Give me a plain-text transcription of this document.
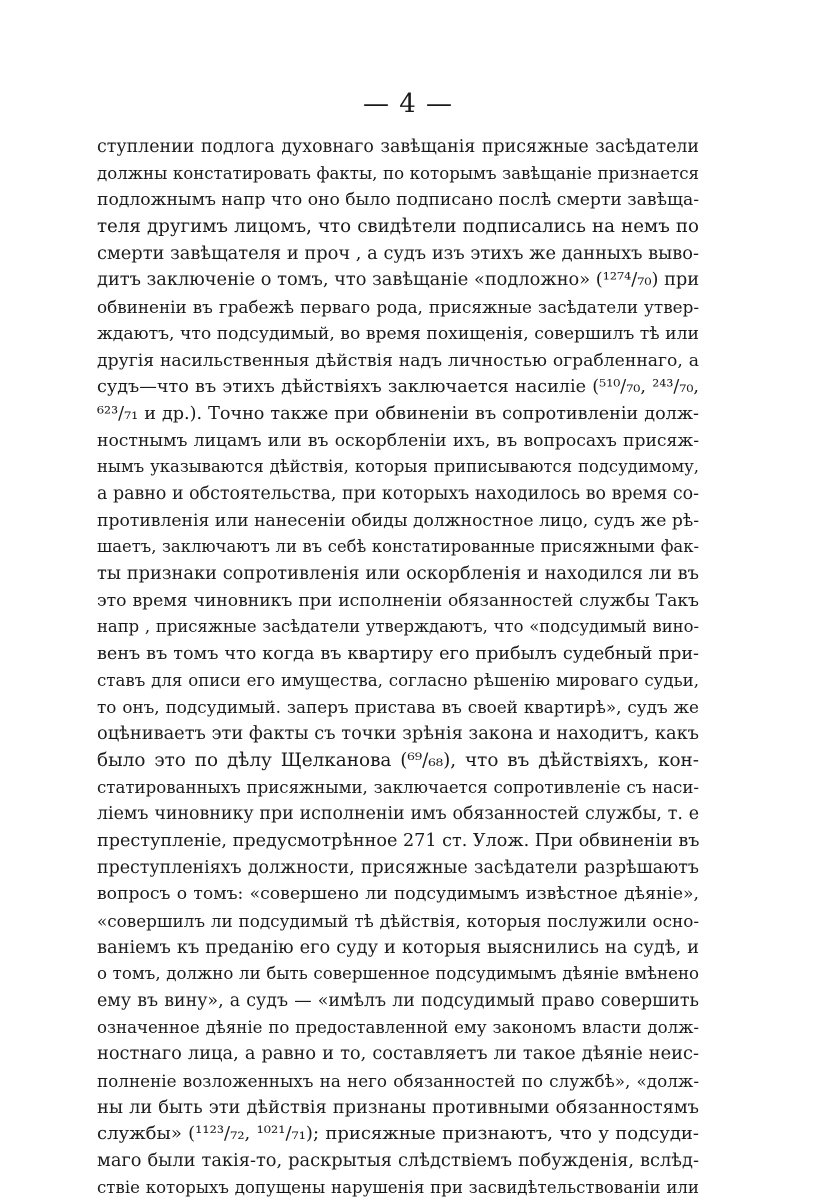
— 4 —
ступлении подлога духовнаго завѣщанія присяжные засѣдатели
должны констатировать факты, по которымъ завѣщаніе признается
подложнымъ напр что оно было подписано послѣ смерти завѣща-
теля другимъ лицомъ, что свидѣтели подписались на немъ по
смерти завѣщателя и проч , а судъ изъ этихъ же данныхъ выво-
дитъ заключеніе о томъ, что завѣщаніе «подложно» (¹²⁷⁴/₇₀) при
обвиненіи въ грабежѣ перваго рода, присяжные засѣдатели утвер-
ждаютъ, что подсудимый, во время похищенія, совершилъ тѣ или
другія насильственныя дѣйствія надъ личностью ограбленнаго, а
судъ—что въ этихъ дѣйствіяхъ заключается насиліе (⁵¹⁰/₇₀, ²⁴³/₇₀,
⁶²³/₇₁ и др.). Точно также при обвиненіи въ сопротивленіи долж-
ностнымъ лицамъ или въ оскорбленіи ихъ, въ вопросахъ присяж-
нымъ указываются дѣйствія, которыя приписываются подсудимому,
а равно и обстоятельства, при которыхъ находилось во время со-
противленія или нанесеніи обиды должностное лицо, судъ же рѣ-
шаетъ, заключаютъ ли въ себѣ констатированные присяжными фак-
ты признаки сопротивленія или оскорбленія и находился ли въ
это время чиновникъ при исполненіи обязанностей службы Такъ
напр , присяжные засѣдатели утверждаютъ, что «подсудимый вино-
венъ въ томъ что когда въ квартиру его прибылъ судебный при-
ставъ для описи его имущества, согласно рѣшенію мироваго судьи,
то онъ, подсудимый. заперъ пристава въ своей квартирѣ», судъ же
оцѣниваетъ эти факты съ точки зрѣнія закона и находитъ, какъ
было это по дѣлу Щелканова (⁶⁹/₆₈), что въ дѣйствіяхъ, кон-
статированныхъ присяжными, заключается сопротивленіе съ наси-
ліемъ чиновнику при исполненіи имъ обязанностей службы, т. е
преступленіе, предусмотрѣнное 271 ст. Улож. При обвиненіи въ
преступленіяхъ должности, присяжные засѣдатели разрѣшаютъ
вопросъ о томъ: «совершено ли подсудимымъ извѣстное дѣяніе»,
«совершилъ ли подсудимый тѣ дѣйствія, которыя послужили осно-
ваніемъ къ преданію его суду и которыя выяснились на судѣ, и
о томъ, должно ли быть совершенное подсудимымъ дѣяніе вмѣнено
ему въ вину», а судъ — «имѣлъ ли подсудимый право совершить
означенное дѣяніе по предоставленной ему закономъ власти долж-
ностнаго лица, а равно и то, составляетъ ли такое дѣяніе неис-
полненіе возложенныхъ на него обязанностей по службѣ», «долж-
ны ли быть эти дѣйствія признаны противными обязанностямъ
службы» (¹¹²³/₇₂, ¹⁰²¹/₇₁); присяжные признаютъ, что у подсуди-
маго были такія-то, раскрытыя слѣдствіемъ побужденія, вслѣд-
ствіе которыхъ допущены нарушенія при засвидѣтельствованіи или
